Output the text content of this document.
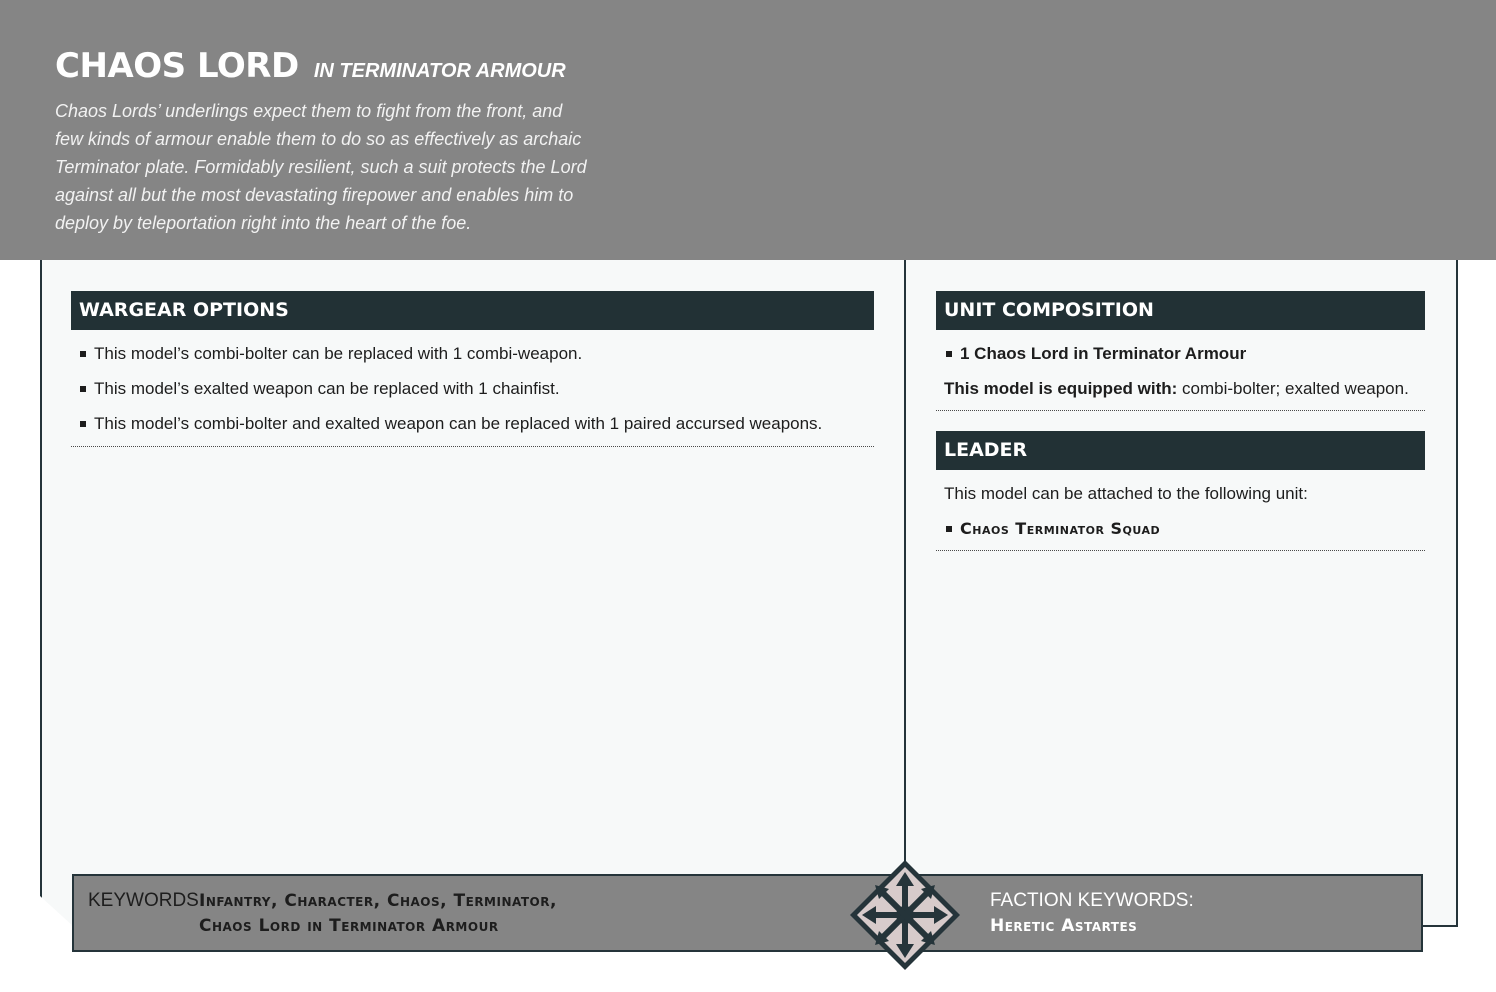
CHAOS LORD IN TERMINATOR ARMOUR
Chaos Lords’ underlings expect them to fight from the front, and
few kinds of armour enable them to do so as effectively as archaic
Terminator plate. Formidably resilient, such a suit protects the Lord
against all but the most devastating firepower and enables him to
deploy by teleportation right into the heart of the foe.
WARGEAR OPTIONS
This model’s combi-bolter can be replaced with 1 combi-weapon.
This model’s exalted weapon can be replaced with 1 chainfist.
This model’s combi-bolter and exalted weapon can be replaced with 1 paired accursed weapons.
UNIT COMPOSITION
1 Chaos Lord in Terminator Armour
This model is equipped with: combi-bolter; exalted weapon.
LEADER
This model can be attached to the following unit:
Chaos Terminator Squad
KEYWORDS:
Infantry, Character, Chaos, Terminator,
Chaos Lord in Terminator Armour
FACTION KEYWORDS:
Heretic Astartes
